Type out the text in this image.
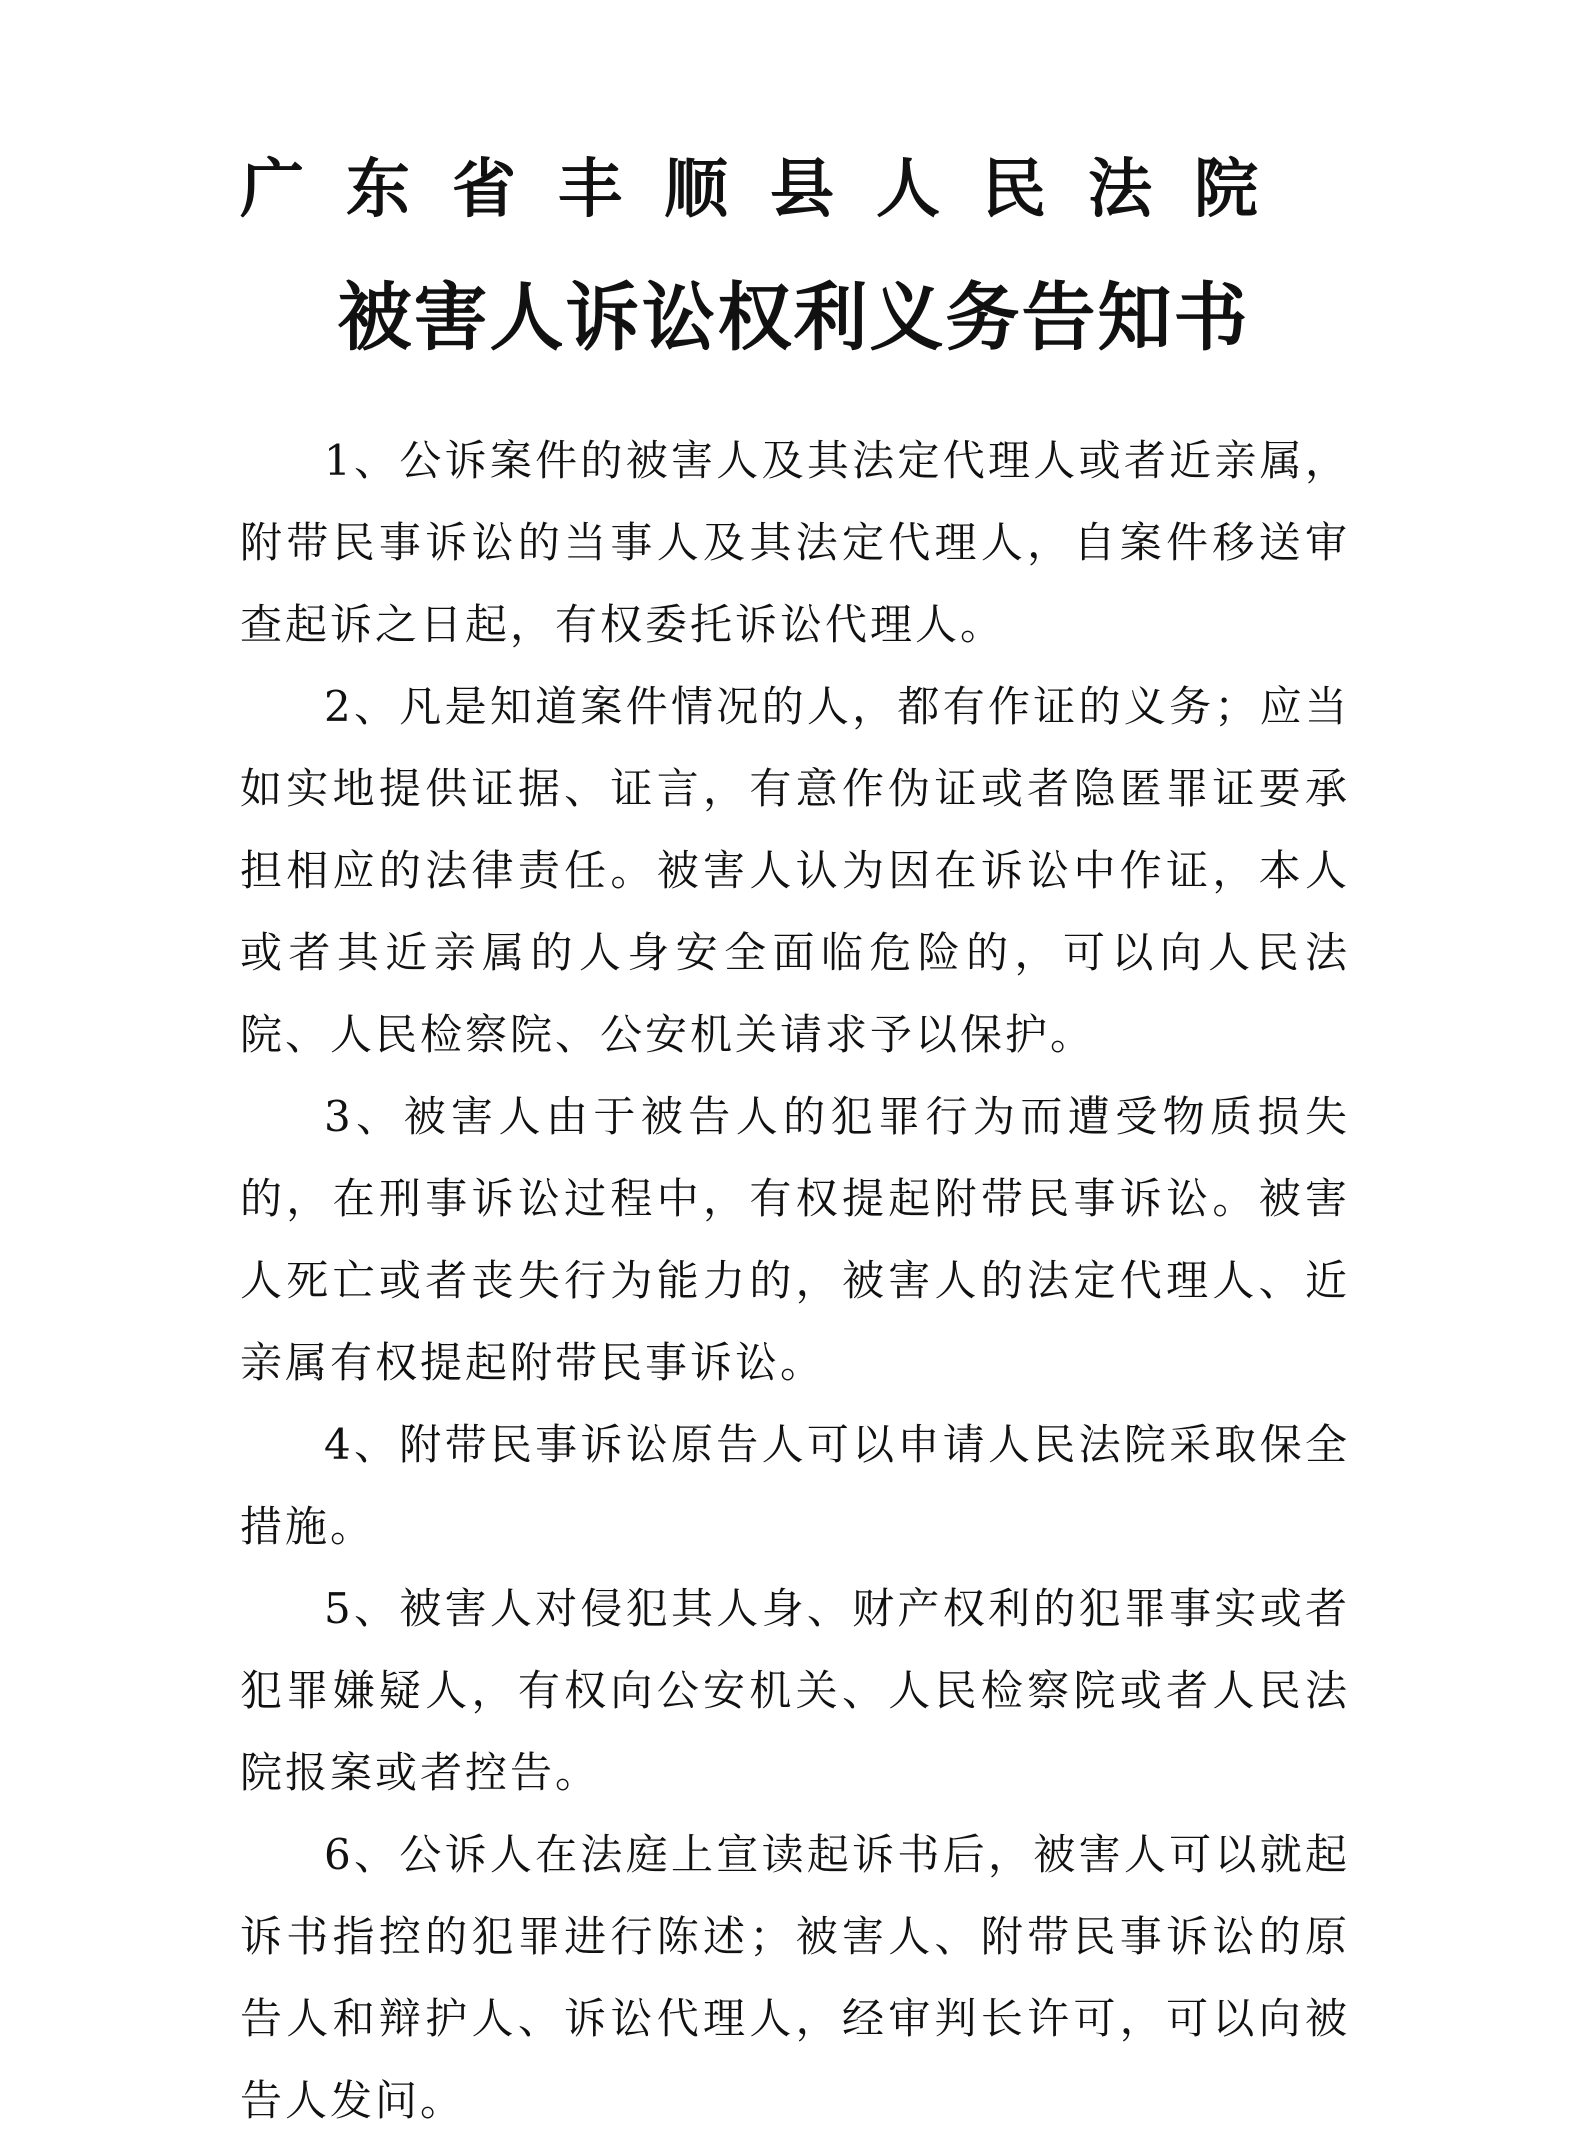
广东省丰顺县人民法院
被害人诉讼权利义务告知书

1、公诉案件的被害人及其法定代理人或者近亲属，附带民事诉讼的当事人及其法定代理人，自案件移送审查起诉之日起，有权委托诉讼代理人。

2、凡是知道案件情况的人，都有作证的义务；应当如实地提供证据、证言，有意作伪证或者隐匿罪证要承担相应的法律责任。被害人认为因在诉讼中作证，本人或者其近亲属的人身安全面临危险的，可以向人民法院、人民检察院、公安机关请求予以保护。

3、被害人由于被告人的犯罪行为而遭受物质损失的，在刑事诉讼过程中，有权提起附带民事诉讼。被害人死亡或者丧失行为能力的，被害人的法定代理人、近亲属有权提起附带民事诉讼。

4、附带民事诉讼原告人可以申请人民法院采取保全措施。

5、被害人对侵犯其人身、财产权利的犯罪事实或者犯罪嫌疑人，有权向公安机关、人民检察院或者人民法院报案或者控告。

6、公诉人在法庭上宣读起诉书后，被害人可以就起诉书指控的犯罪进行陈述；被害人、附带民事诉讼的原告人和辩护人、诉讼代理人，经审判长许可，可以向被告人发问。
